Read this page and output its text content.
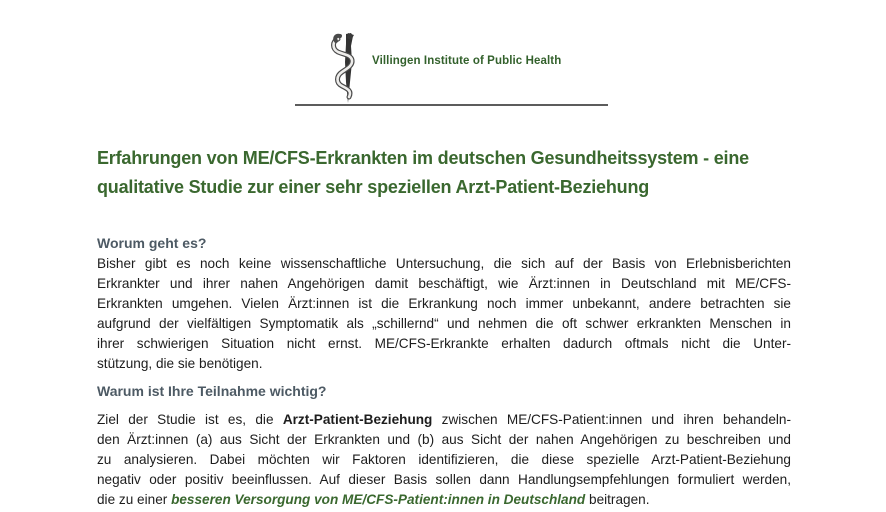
Villingen Institute of Public Health
Erfahrungen von ME/CFS-Erkrankten im deutschen Gesundheitssystem - eine
qualitative Studie zur einer sehr speziellen Arzt-Patient-Beziehung
Worum geht es?
Bisher gibt es noch keine wissenschaftliche Untersuchung, die sich auf der Basis von Erlebnisberichten
Erkrankter und ihrer nahen Angehörigen damit beschäftigt, wie Ärzt:innen in Deutschland mit ME/CFS-
Erkrankten umgehen. Vielen Ärzt:innen ist die Erkrankung noch immer unbekannt, andere betrachten sie
aufgrund der vielfältigen Symptomatik als „schillernd“ und nehmen die oft schwer erkrankten Menschen in
ihrer schwierigen Situation nicht ernst. ME/CFS-Erkrankte erhalten dadurch oftmals nicht die Unter-
stützung, die sie benötigen.
Warum ist Ihre Teilnahme wichtig?
Ziel der Studie ist es, die Arzt-Patient-Beziehung zwischen ME/CFS-Patient:innen und ihren behandeln-
den Ärzt:innen (a) aus Sicht der Erkrankten und (b) aus Sicht der nahen Angehörigen zu beschreiben und
zu analysieren. Dabei möchten wir Faktoren identifizieren, die diese spezielle Arzt-Patient-Beziehung
negativ oder positiv beeinflussen. Auf dieser Basis sollen dann Handlungsempfehlungen formuliert werden,
die zu einer besseren Versorgung von ME/CFS-Patient:innen in Deutschland beitragen.
